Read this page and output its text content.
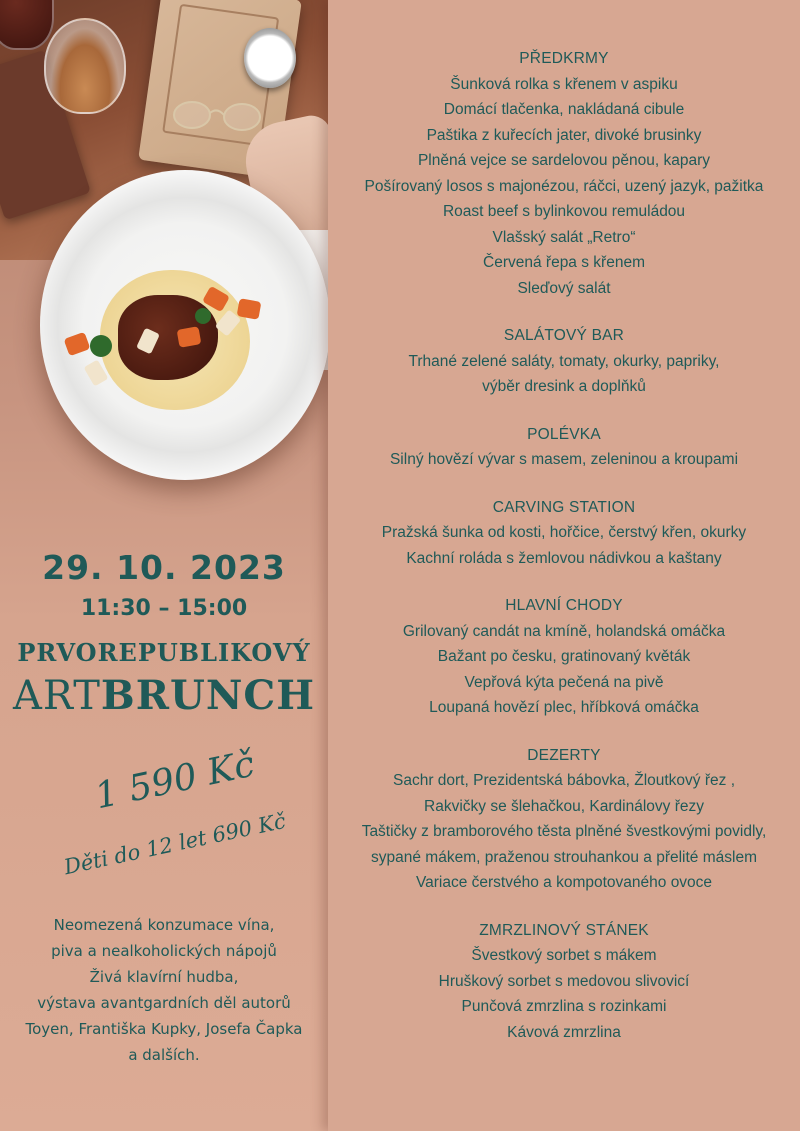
29. 10. 2023
11:30 – 15:00
PRVOREPUBLIKOVÝ
ARTBRUNCH
1 590 Kč
Děti do 12 let 690 Kč
Neomezená konzumace vína,
piva a nealkoholických nápojů
Živá klavírní hudba,
výstava avantgardních děl autorů
Toyen, Františka Kupky, Josefa Čapka
a dalších.
PŘEDKRMY
Šunková rolka s křenem v aspiku
Domácí tlačenka, nakládaná cibule
Paštika z kuřecích jater, divoké brusinky
Plněná vejce se sardelovou pěnou, kapary
Pošírovaný losos s majonézou, ráčci, uzený jazyk, pažitka
Roast beef s bylinkovou remuládou
Vlašský salát „Retro“
Červená řepa s křenem
Sleďový salát
SALÁTOVÝ BAR
Trhané zelené saláty, tomaty, okurky, papriky,
výběr dresink a doplňků
POLÉVKA
Silný hovězí vývar s masem, zeleninou a kroupami
CARVING STATION
Pražská šunka od kosti, hořčice, čerstvý křen, okurky
Kachní roláda s žemlovou nádivkou a kaštany
HLAVNÍ CHODY
Grilovaný candát na kmíně, holandská omáčka
Bažant po česku, gratinovaný květák
Vepřová kýta pečená na pivě
Loupaná hovězí plec, hříbková omáčka
DEZERTY
Sachr dort, Prezidentská bábovka, Žloutkový řez ,
Rakvičky se šlehačkou, Kardinálovy řezy
Taštičky z bramborového těsta plněné švestkovými povidly,
sypané mákem, praženou strouhankou a přelité máslem
Variace čerstvého a kompotovaného ovoce
ZMRZLINOVÝ STÁNEK
Švestkový sorbet s mákem
Hruškový sorbet s medovou slivovicí
Punčová zmrzlina s rozinkami
Kávová zmrzlina
